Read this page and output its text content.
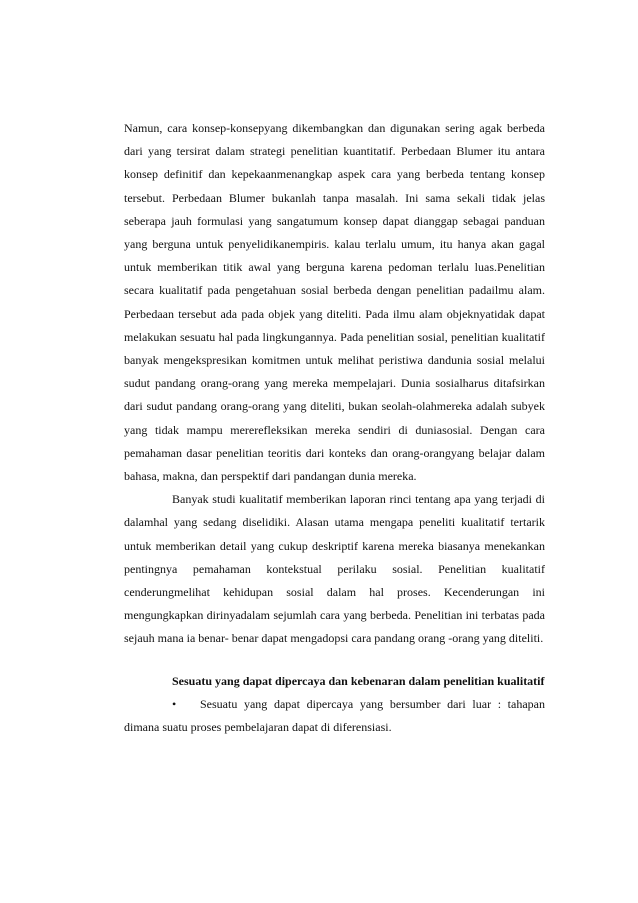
Namun, cara konsep-konsepyang dikembangkan dan digunakan sering agak berbeda dari yang tersirat dalam strategi penelitian kuantitatif. Perbedaan Blumer itu antara konsep definitif dan kepekaanmenangkap aspek cara yang berbeda tentang konsep tersebut. Perbedaan Blumer bukanlah tanpa masalah. Ini sama sekali tidak jelas seberapa jauh formulasi yang sangatumum konsep dapat dianggap sebagai panduan yang berguna untuk penyelidikanempiris. kalau terlalu umum, itu hanya akan gagal untuk memberikan titik awal yang berguna karena pedoman terlalu luas.Penelitian secara kualitatif pada pengetahuan sosial berbeda dengan penelitian padailmu alam. Perbedaan tersebut ada pada objek yang diteliti. Pada ilmu alam objeknyatidak dapat melakukan sesuatu hal pada lingkungannya. Pada penelitian sosial, penelitian kualitatif banyak mengekspresikan komitmen untuk melihat peristiwa dandunia sosial melalui sudut pandang orang-orang yang mereka mempelajari. Dunia sosialharus ditafsirkan dari sudut pandang orang-orang yang diteliti, bukan seolah-olahmereka adalah subyek yang tidak mampu mererefleksikan mereka sendiri di duniasosial. Dengan cara pemahaman dasar penelitian teoritis dari konteks dan orang-orangyang belajar dalam bahasa, makna, dan perspektif dari pandangan dunia mereka.

Banyak studi kualitatif memberikan laporan rinci tentang apa yang terjadi di dalamhal yang sedang diselidiki. Alasan utama mengapa peneliti kualitatif tertarik untuk memberikan detail yang cukup deskriptif karena mereka biasanya menekankan pentingnya pemahaman kontekstual perilaku sosial. Penelitian kualitatif cenderungmelihat kehidupan sosial dalam hal proses. Kecenderungan ini mengungkapkan dirinyadalam sejumlah cara yang berbeda. Penelitian ini terbatas pada sejauh mana ia benar- benar dapat mengadopsi cara pandang orang -orang yang diteliti.

Sesuatu yang dapat dipercaya dan kebenaran dalam penelitian kualitatif

• Sesuatu yang dapat dipercaya yang bersumber dari luar : tahapan dimana suatu proses pembelajaran dapat di diferensiasi.
